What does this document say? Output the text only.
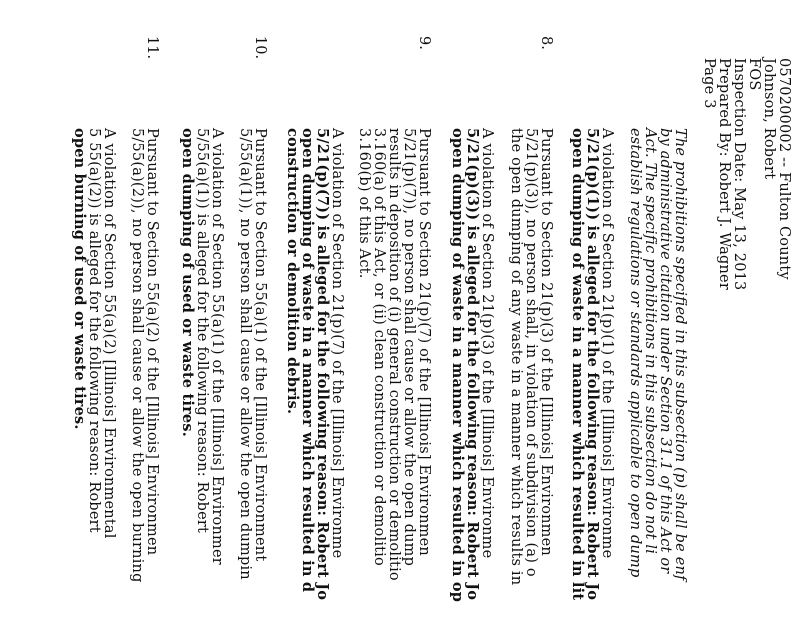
0570200002 -- Fulton County
Johnson, Robert
FOS
Inspection Date: May 13, 2013
Prepared By: Robert J. Wagner
Page 3
The prohibitions specified in this subsection (p) shall be enf
by administrative citation under Section 31.1 of this Act or
Act. The specific prohibitions in this subsection do not li
establish regulations or standards applicable to open dump
A violation of Section 21(p)(1) of the [Illinois] Environme
5/21(p)(1)) is alleged for the following reason: Robert Jo
open dumping of waste in a manner which resulted in lit
8.
Pursuant to Section 21(p)(3) of the [Illinois] Environmen
5/21(p)(3)), no person shall, in violation of subdivision (a) o
the open dumping of any waste in a manner which results in
A violation of Section 21(p)(3) of the [Illinois] Environme
5/21(p)(3)) is alleged for the following reason: Robert Jo
open dumping of waste in a manner which resulted in op
9.
Pursuant to Section 21(p)(7) of the [Illinois] Environmen
5/21(p)(7)), no person shall cause or allow the open dump
results in deposition of (i) general construction or demolitio
3.160(a) of this Act, or (ii) clean construction or demolitio
3.160(b) of this Act.
A violation of Section 21(p)(7) of the [Illinois] Environme
5/21(p)(7)) is alleged for the following reason: Robert Jo
open dumping of waste in a manner which resulted in d
construction or demolition debris.
10.
Pursuant to Section 55(a)(1) of the [Illinois] Environment
5/55(a)(1)), no person shall cause or allow the open dumpin
A violation of Section 55(a)(1) of the [Illinois] Environmer
5/55(a)(1)) is alleged for the following reason: Robert
open dumping of used or waste tires.
11.
Pursuant to Section 55(a)(2) of the [Illinois] Environmen
5/55(a)(2)), no person shall cause or allow the open burning
A violation of Section 55(a)(2) [Illinois] Environmental
5 55(a)(2)) is alleged for the following reason: Robert
open burning of used or waste tires.
